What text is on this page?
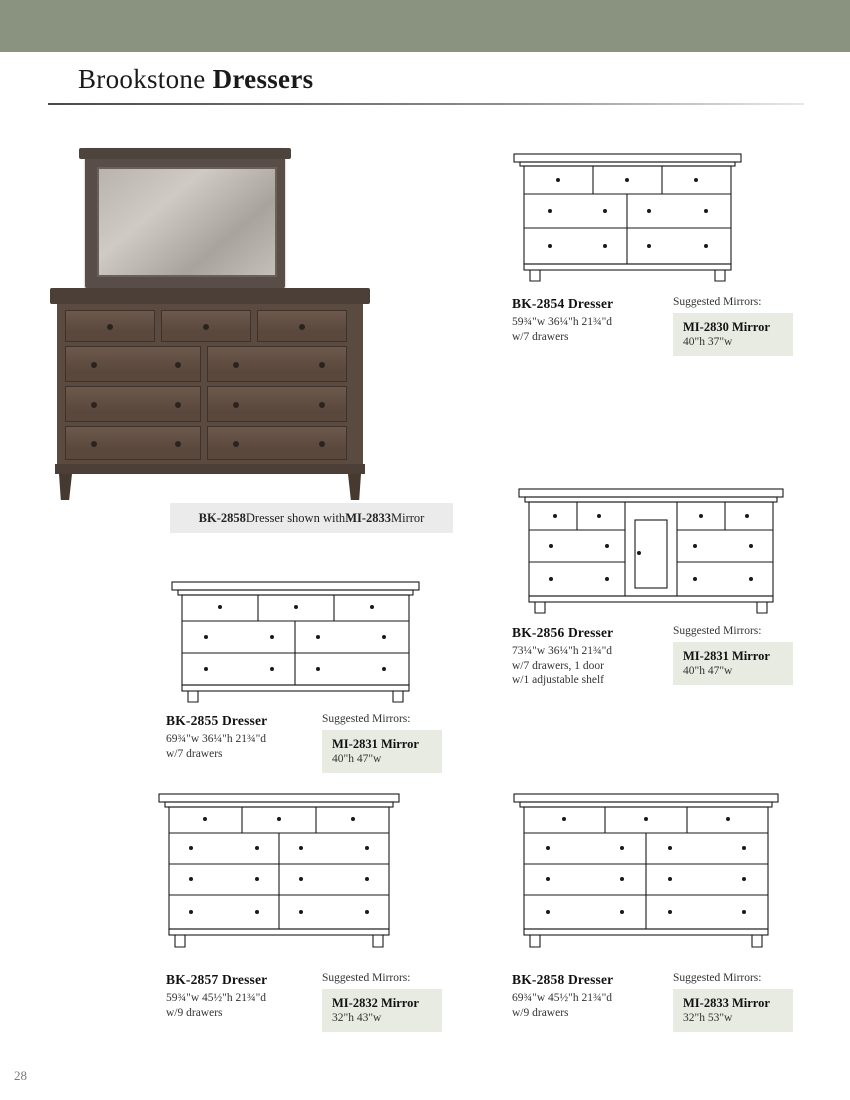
Brookstone Dressers
BK-2858 Dresser shown with MI-2833 Mirror
BK-2854 Dresser
59¾"w 36¼"h 21¾"d
w/7 drawers
Suggested Mirrors:
MI-2830 Mirror
40"h 37"w
BK-2856 Dresser
73¼"w 36¼"h 21¾"d
w/7 drawers, 1 door
w/1 adjustable shelf
Suggested Mirrors:
MI-2831 Mirror
40"h 47"w
BK-2855 Dresser
69¾"w 36¼"h 21¾"d
w/7 drawers
Suggested Mirrors:
MI-2831 Mirror
40"h 47"w
BK-2857 Dresser
59¾"w 45½"h 21¾"d
w/9 drawers
Suggested Mirrors:
MI-2832 Mirror
32"h 43"w
BK-2858 Dresser
69¾"w 45½"h 21¾"d
w/9 drawers
Suggested Mirrors:
MI-2833 Mirror
32"h 53"w
28
